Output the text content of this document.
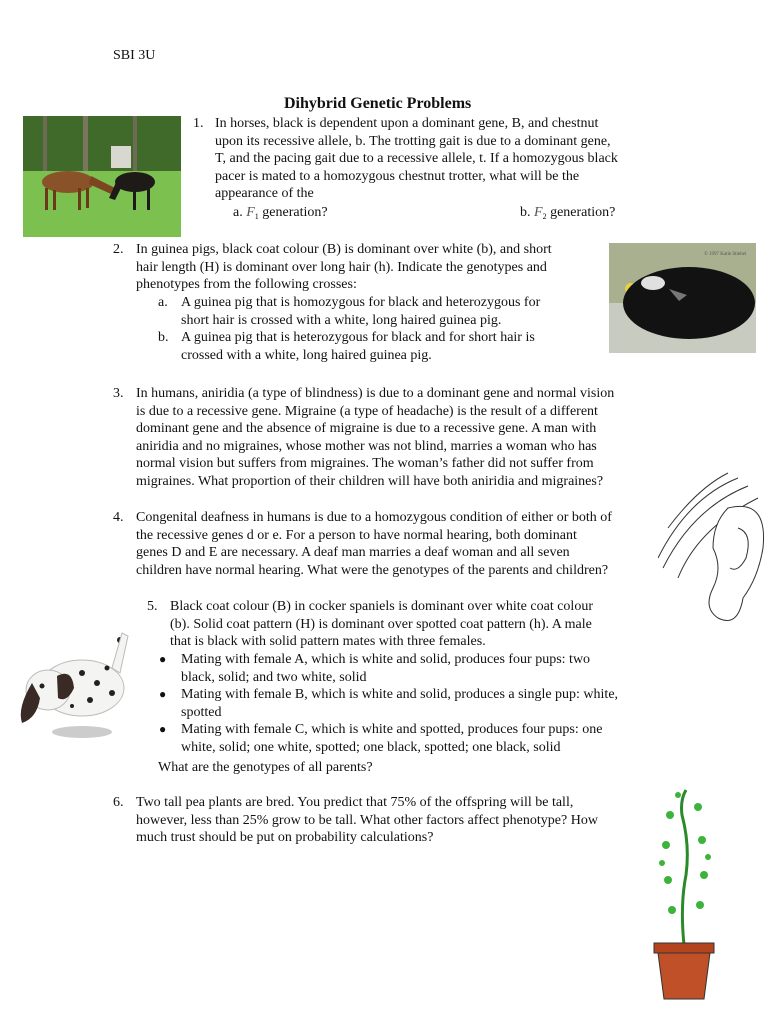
SBI 3U
Dihybrid Genetic Problems
1. In horses, black is dependent upon a dominant gene, B, and chestnut
upon its recessive allele, b. The trotting gait is due to a dominant gene,
T, and the pacing gait due to a recessive allele, t. If a homozygous black
pacer is mated to a homozygous chestnut trotter, what will be the
appearance of the
a. $F_1$ generation?	b. $F_2$ generation?
2. In guinea pigs, black coat colour (B) is dominant over white (b), and short
hair length (H) is dominant over long hair (h). Indicate the genotypes and
phenotypes from the following crosses:
a. A guinea pig that is homozygous for black and heterozygous for
short hair is crossed with a white, long haired guinea pig.
b. A guinea pig that is heterozygous for black and for short hair is
crossed with a white, long haired guinea pig.
3. In humans, aniridia (a type of blindness) is due to a dominant gene and normal vision
is due to a recessive gene. Migraine (a type of headache) is the result of a different
dominant gene and the absence of migraine is due to a recessive gene. A man with
aniridia and no migraines, whose mother was not blind, marries a woman who has
normal vision but suffers from migraines. The woman’s father did not suffer from
migraines. What proportion of their children will have both aniridia and migraines?
4. Congenital deafness in humans is due to a homozygous condition of either or both of
the recessive genes d or e. For a person to have normal hearing, both dominant
genes D and E are necessary. A deaf man marries a deaf woman and all seven
children have normal hearing. What were the genotypes of the parents and children?
5. Black coat colour (B) in cocker spaniels is dominant over white coat colour
(b). Solid coat pattern (H) is dominant over spotted coat pattern (h). A male
that is black with solid pattern mates with three females.
● Mating with female A, which is white and solid, produces four pups: two
black, solid; and two white, solid
● Mating with female B, which is white and solid, produces a single pup: white,
spotted
● Mating with female C, which is white and spotted, produces four pups: one
white, solid; one white, spotted; one black, spotted; one black, solid
What are the genotypes of all parents?
6. Two tall pea plants are bred. You predict that 75% of the offspring will be tall,
however, less than 25% grow to be tall. What other factors affect phenotype? How
much trust should be put on probability calculations?
© 1997 Katie Stiebel
